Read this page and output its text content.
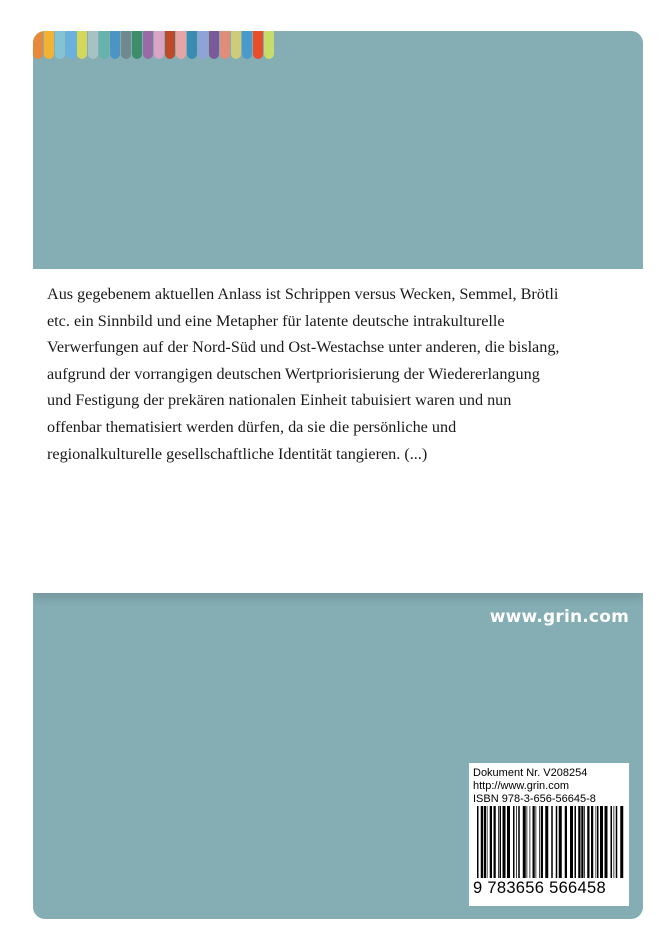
Aus gegebenem aktuellen Anlass ist Schrippen versus Wecken, Semmel, Brötli
etc. ein Sinnbild und eine Metapher für latente deutsche intrakulturelle
Verwerfungen auf der Nord-Süd und Ost-Westachse unter anderen, die bislang,
aufgrund der vorrangigen deutschen Wertpriorisierung der Wiedererlangung
und Festigung der prekären nationalen Einheit tabuisiert waren und nun
offenbar thematisiert werden dürfen, da sie die persönliche und
regionalkulturelle gesellschaftliche Identität tangieren. (...)

www.grin.com
Dokument Nr. V208254
http://www.grin.com
ISBN 978-3-656-56645-8
9 783656 566458
